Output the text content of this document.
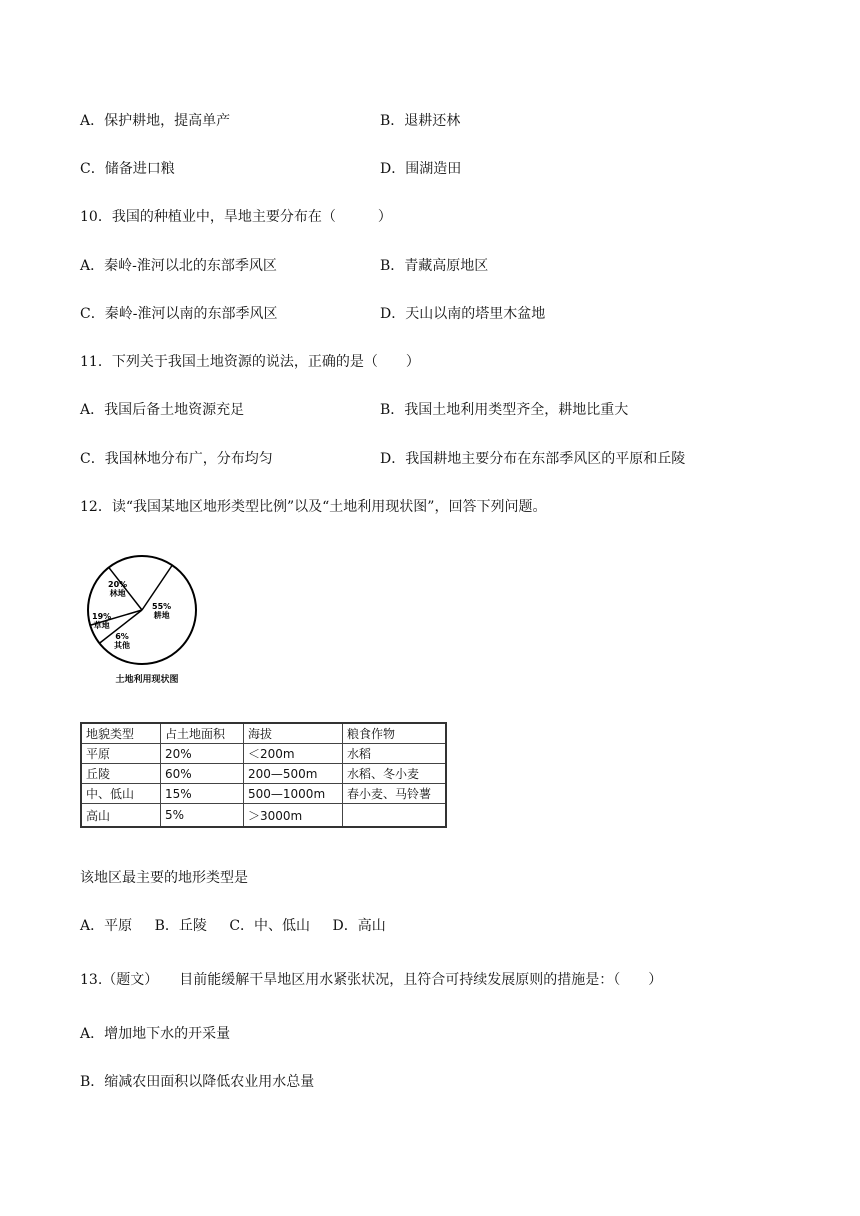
A．保护耕地，提高单产	B．退耕还林
C．储备进口粮	D．围湖造田
10．我国的种植业中，旱地主要分布在（　　　）
A．秦岭-淮河以北的东部季风区	B．青藏高原地区
C．秦岭-淮河以南的东部季风区	D．天山以南的塔里木盆地
11．下列关于我国土地资源的说法，正确的是（　　）
A．我国后备土地资源充足	B．我国土地利用类型齐全，耕地比重大
C．我国林地分布广，分布均匀	D．我国耕地主要分布在东部季风区的平原和丘陵
12．读“我国某地区地形类型比例”以及“土地利用现状图”，回答下列问题。
20%
林地
55%
耕地
19%
草地
6%
其他
土地利用现状图
地貌类型	占土地面积	海拔	粮食作物
平原	20%	＜200m	水稻
丘陵	60%	200—500m	水稻、冬小麦
中、低山	15%	500—1000m	春小麦、马铃薯
高山	5%	＞3000m	
该地区最主要的地形类型是
A．平原 B．丘陵 C．中、低山 D．高山
13.（题文）　　目前能缓解干旱地区用水紧张状况，且符合可持续发展原则的措施是：（　　）
A．增加地下水的开采量
B．缩减农田面积以降低农业用水总量
